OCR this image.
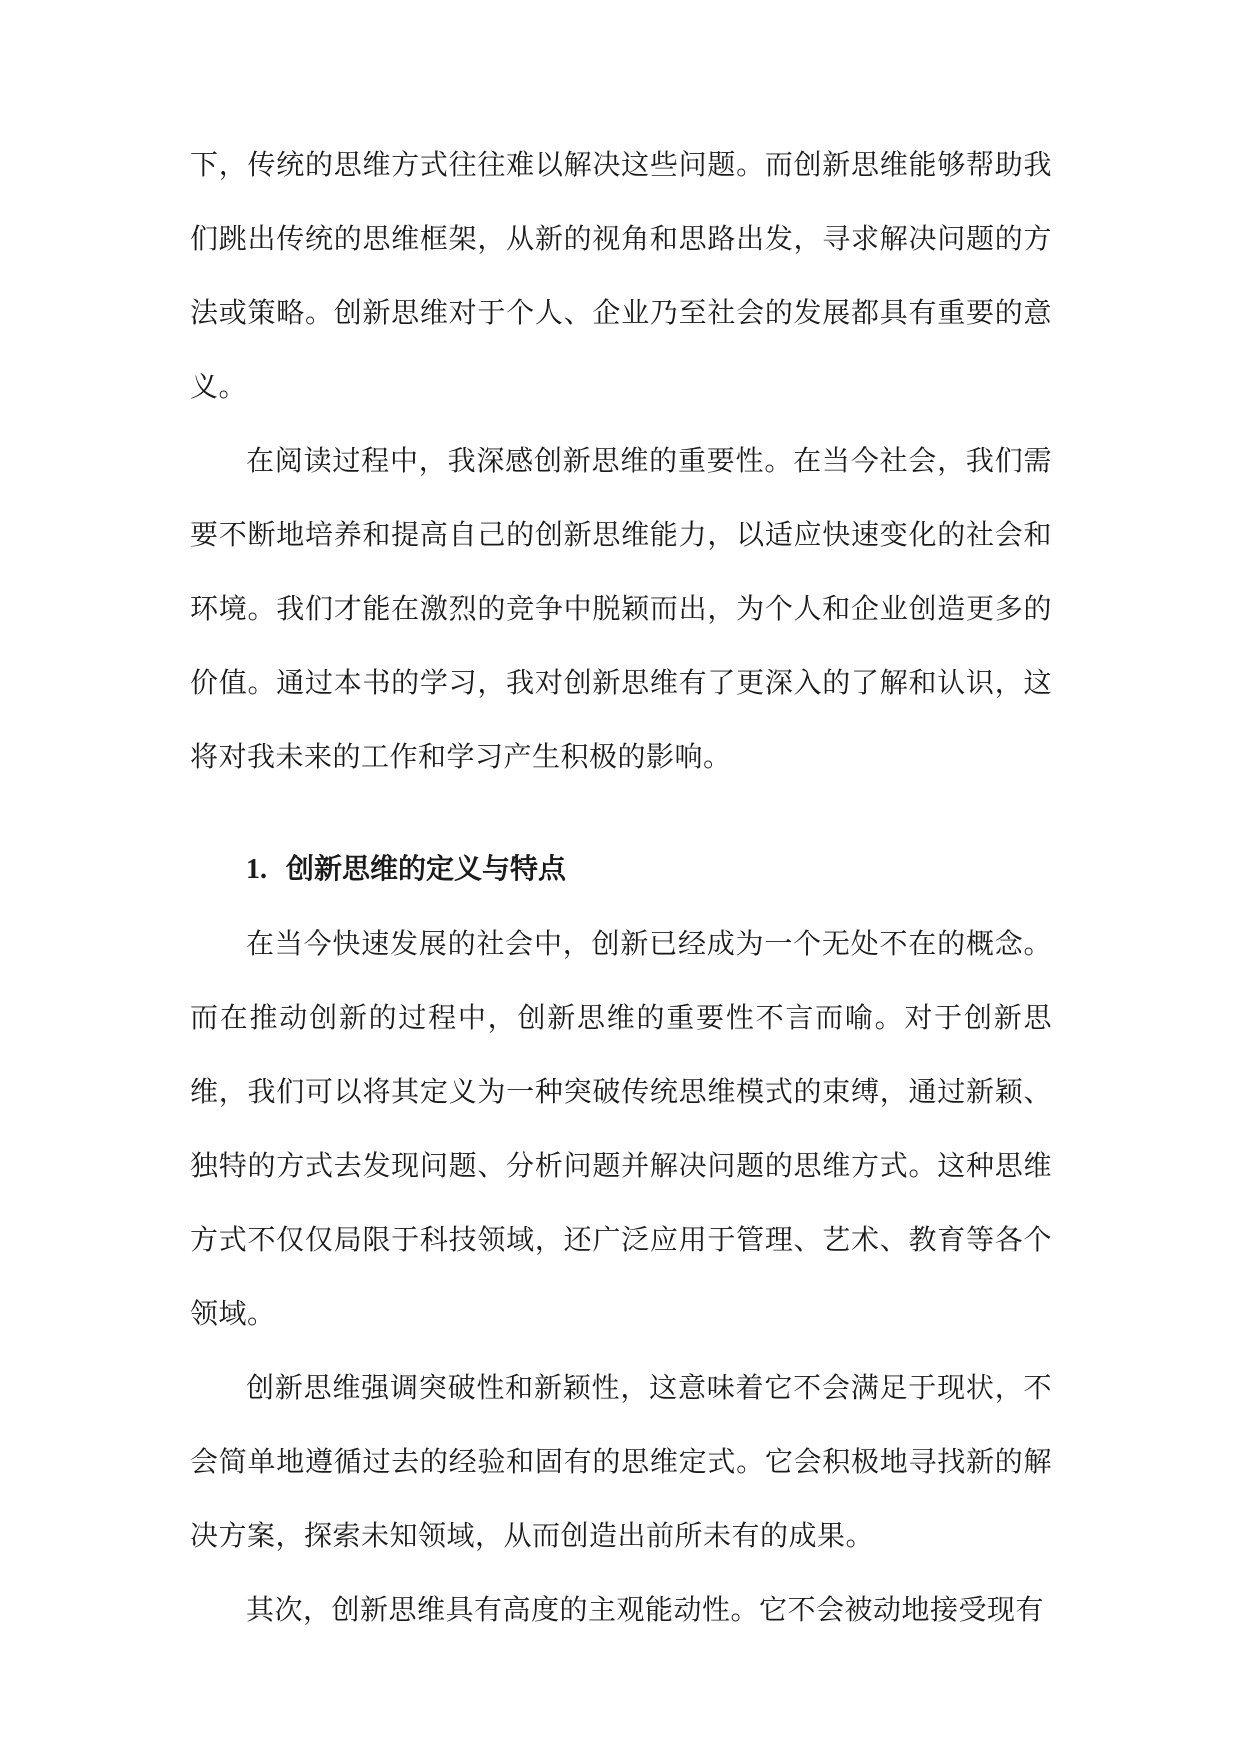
下，传统的思维方式往往难以解决这些问题。而创新思维能够帮助我们跳出传统的思维框架，从新的视角和思路出发，寻求解决问题的方法或策略。创新思维对于个人、企业乃至社会的发展都具有重要的意义。

在阅读过程中，我深感创新思维的重要性。在当今社会，我们需要不断地培养和提高自己的创新思维能力，以适应快速变化的社会和环境。我们才能在激烈的竞争中脱颖而出，为个人和企业创造更多的价值。通过本书的学习，我对创新思维有了更深入的了解和认识，这将对我未来的工作和学习产生积极的影响。

1. 创新思维的定义与特点

在当今快速发展的社会中，创新已经成为一个无处不在的概念。而在推动创新的过程中，创新思维的重要性不言而喻。对于创新思维，我们可以将其定义为一种突破传统思维模式的束缚，通过新颖、独特的方式去发现问题、分析问题并解决问题的思维方式。这种思维方式不仅仅局限于科技领域，还广泛应用于管理、艺术、教育等各个领域。

创新思维强调突破性和新颖性，这意味着它不会满足于现状，不会简单地遵循过去的经验和固有的思维定式。它会积极地寻找新的解决方案，探索未知领域，从而创造出前所未有的成果。

其次，创新思维具有高度的主观能动性。它不会被动地接受现有
